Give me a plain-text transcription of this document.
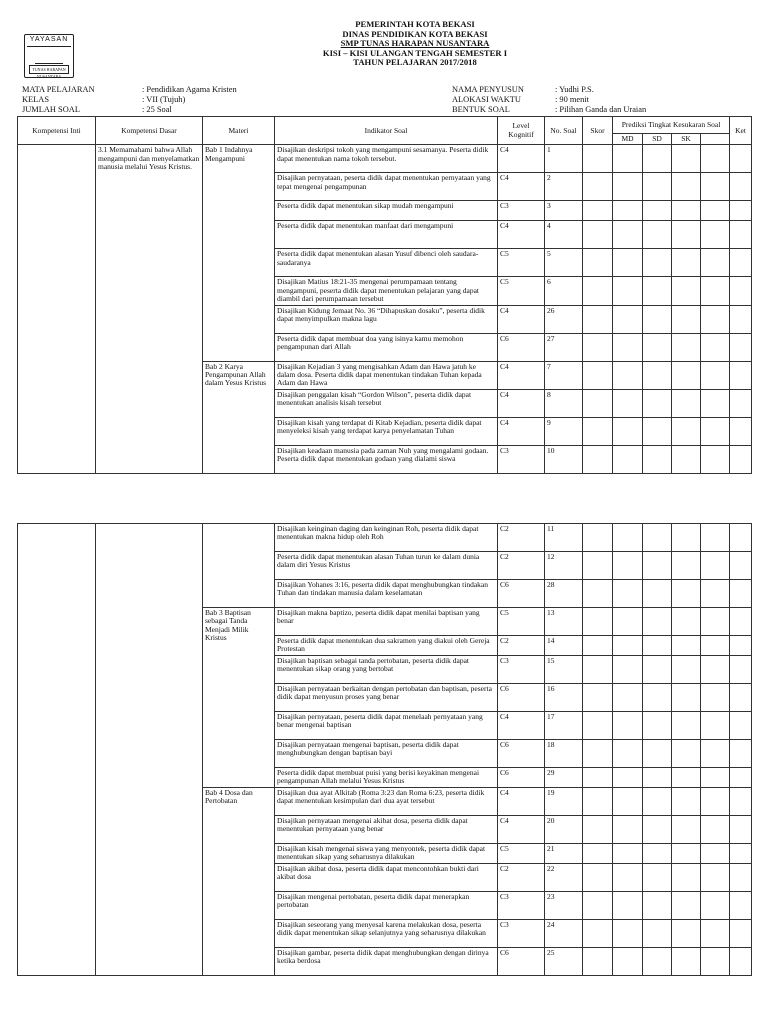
YAYASAN
TUNAS HARAPAN NUSANTARA
PEMERINTAH KOTA BEKASI
DINAS PENDIDIKAN KOTA BEKASI
SMP TUNAS HARAPAN NUSANTARA
KISI – KISI ULANGAN TENGAH SEMESTER I
TAHUN PELAJARAN 2017/2018
MATA PELAJARAN	: Pendidikan Agama Kristen
KELAS	: VII (Tujuh)
JUMLAH SOAL	: 25 Soal
NAMA PENYUSUN	: Yudhi P.S.
ALOKASI WAKTU	: 90 menit
BENTUK SOAL	: Pilihan Ganda dan Uraian
Kompetensi Inti	Kompetensi Dasar	Materi	Indikator Soal	Level Kognitif	No. Soal	Skor	Prediksi Tingkat Kesukaran Soal				Ket
							MD	SD	SK		
	3.1 Memamahami bahwa Allah mengampuni dan menyelamatkan manusia melalui Yesus Kristus.	Bab 1 Indahnya Mengampuni	Disajikan deskripsi tokoh yang mengampuni sesamanya. Peserta didik dapat menentukan nama tokoh tersebut.	C4	1						
			Disajikan pernyataan, peserta didik dapat menentukan pernyataan yang tepat mengenai pengampunan	C4	2						
			Peserta didik dapat menentukan sikap mudah mengampuni	C3	3						
			Peserta didik dapat menentukan manfaat dari mengampuni	C4	4						
			Peserta didik dapat menentukan alasan Yusuf dibenci oleh saudara-saudaranya	C5	5						
			Disajikan Matius 18:21-35 mengenai perumpamaan tentang mengampuni, peserta didik dapat menentukan pelajaran yang dapat diambil dari perumpamaan tersebut	C5	6						
			Disajikan Kidung Jemaat No. 36 “Dihapuskan dosaku”, peserta didik dapat menyimpulkan makna lagu	C4	26						
			Peserta didik dapat membuat doa yang isinya kamu memohon pengampunan dari Allah	C6	27						
		Bab 2 Karya Pengampunan Allah dalam Yesus Kristus	Disajikan Kejadian 3 yang mengisahkan Adam dan Hawa jatuh ke dalam dosa. Peserta didik dapat menentukan tindakan Tuhan kepada Adam dan Hawa	C4	7						
			Disajikan penggalan kisah “Gordon Wilson”, peserta didik dapat menentukan analisis kisah tersebut	C4	8						
			Disajikan kisah yang terdapat di Kitab Kejadian, peserta didik dapat menyeleksi kisah yang terdapat karya penyelamatan Tuhan	C4	9						
			Disajikan keadaan manusia pada zaman Nuh yang mengalami godaan. Peserta didik dapat menentukan godaan yang dialami siswa	C3	10						
			Disajikan keinginan daging dan keinginan Roh, peserta didik dapat menentukan makna hidup oleh Roh	C2	11						
			Peserta didik dapat menentukan alasan Tuhan turun ke dalam dunia dalam diri Yesus Kristus	C2	12						
			Disajikan Yohanes 3:16, peserta didik dapat menghubungkan tindakan Tuhan dan tindakan manusia dalam keselamatan	C6	28						
		Bab 3 Baptisan sebagai Tanda Menjadi Milik Kristus	Disajikan makna baptizo, peserta didik dapat menilai baptisan yang benar	C5	13						
			Peserta didik dapat menentukan dua sakramen yang diakui oleh Gereja Protestan	C2	14						
			Disajikan baptisan sebagai tanda pertobatan, peserta didik dapat menentukan sikap orang yang bertobat	C3	15						
			Disajikan pernyataan berkaitan dengan pertobatan dan baptisan, peserta didik dapat menyusun proses yang benar	C6	16						
			Disajikan pernyataan, peserta didik dapat menelaah pernyataan yang benar mengenai baptisan	C4	17						
			Disajikan pernyataan mengenai baptisan, peserta didik dapat menghubungkan dengan baptisan bayi	C6	18						
			Peserta didik dapat membuat puisi yang berisi keyakinan mengenai pengampunan Allah melalui Yesus Kristus	C6	29						
		Bab 4 Dosa dan Pertobatan	Disajikan dua ayat Alkitab (Roma 3:23 dan Roma 6:23, peserta didik dapat menentukan kesimpulan dari dua ayat tersebut	C4	19						
			Disajikan pernyataan mengenai akibat dosa, peserta didik dapat menentukan pernyataan yang benar	C4	20						
			Disajikan kisah mengenai siswa yang menyontek, peserta didik dapat menentukan sikap yang seharusnya dilakukan	C5	21						
			Disajikan akibat dosa, peserta didik dapat mencontohkan bukti dari akibat dosa	C2	22						
			Disajikan mengenai pertobatan, peserta didik dapat menerapkan pertobatan	C3	23						
			Disajikan seseorang yang menyesal karena melakukan dosa, peserta didik dapat menentukan sikap selanjutnya yang seharusnya dilakukan	C3	24						
			Disajikan gambar, peserta didik dapat menghubungkan dengan dirinya ketika berdosa	C6	25						
